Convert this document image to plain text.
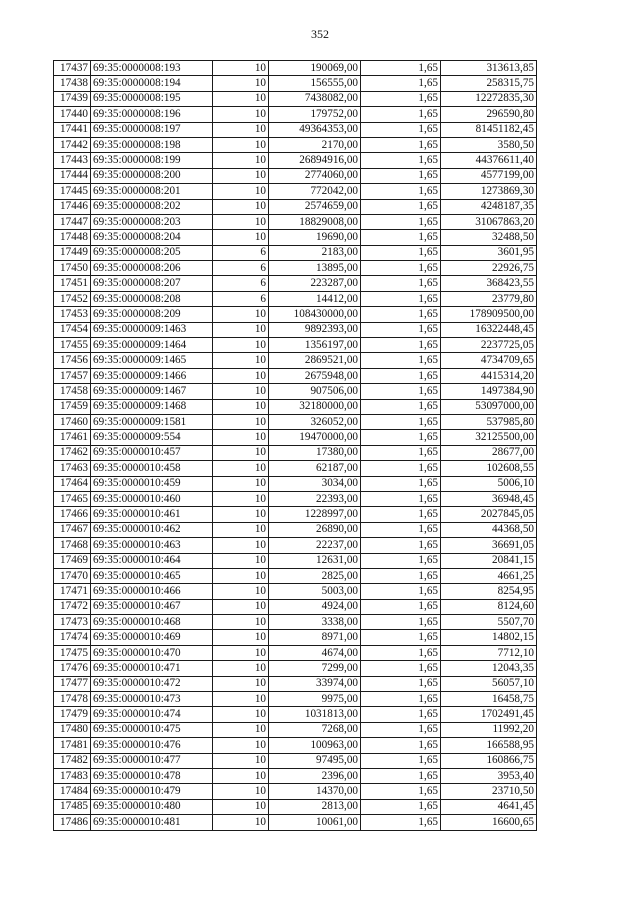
352
17437	69:35:0000008:193	10	190069,00	1,65	313613,85
17438	69:35:0000008:194	10	156555,00	1,65	258315,75
17439	69:35:0000008:195	10	7438082,00	1,65	12272835,30
17440	69:35:0000008:196	10	179752,00	1,65	296590,80
17441	69:35:0000008:197	10	49364353,00	1,65	81451182,45
17442	69:35:0000008:198	10	2170,00	1,65	3580,50
17443	69:35:0000008:199	10	26894916,00	1,65	44376611,40
17444	69:35:0000008:200	10	2774060,00	1,65	4577199,00
17445	69:35:0000008:201	10	772042,00	1,65	1273869,30
17446	69:35:0000008:202	10	2574659,00	1,65	4248187,35
17447	69:35:0000008:203	10	18829008,00	1,65	31067863,20
17448	69:35:0000008:204	10	19690,00	1,65	32488,50
17449	69:35:0000008:205	6	2183,00	1,65	3601,95
17450	69:35:0000008:206	6	13895,00	1,65	22926,75
17451	69:35:0000008:207	6	223287,00	1,65	368423,55
17452	69:35:0000008:208	6	14412,00	1,65	23779,80
17453	69:35:0000008:209	10	108430000,00	1,65	178909500,00
17454	69:35:0000009:1463	10	9892393,00	1,65	16322448,45
17455	69:35:0000009:1464	10	1356197,00	1,65	2237725,05
17456	69:35:0000009:1465	10	2869521,00	1,65	4734709,65
17457	69:35:0000009:1466	10	2675948,00	1,65	4415314,20
17458	69:35:0000009:1467	10	907506,00	1,65	1497384,90
17459	69:35:0000009:1468	10	32180000,00	1,65	53097000,00
17460	69:35:0000009:1581	10	326052,00	1,65	537985,80
17461	69:35:0000009:554	10	19470000,00	1,65	32125500,00
17462	69:35:0000010:457	10	17380,00	1,65	28677,00
17463	69:35:0000010:458	10	62187,00	1,65	102608,55
17464	69:35:0000010:459	10	3034,00	1,65	5006,10
17465	69:35:0000010:460	10	22393,00	1,65	36948,45
17466	69:35:0000010:461	10	1228997,00	1,65	2027845,05
17467	69:35:0000010:462	10	26890,00	1,65	44368,50
17468	69:35:0000010:463	10	22237,00	1,65	36691,05
17469	69:35:0000010:464	10	12631,00	1,65	20841,15
17470	69:35:0000010:465	10	2825,00	1,65	4661,25
17471	69:35:0000010:466	10	5003,00	1,65	8254,95
17472	69:35:0000010:467	10	4924,00	1,65	8124,60
17473	69:35:0000010:468	10	3338,00	1,65	5507,70
17474	69:35:0000010:469	10	8971,00	1,65	14802,15
17475	69:35:0000010:470	10	4674,00	1,65	7712,10
17476	69:35:0000010:471	10	7299,00	1,65	12043,35
17477	69:35:0000010:472	10	33974,00	1,65	56057,10
17478	69:35:0000010:473	10	9975,00	1,65	16458,75
17479	69:35:0000010:474	10	1031813,00	1,65	1702491,45
17480	69:35:0000010:475	10	7268,00	1,65	11992,20
17481	69:35:0000010:476	10	100963,00	1,65	166588,95
17482	69:35:0000010:477	10	97495,00	1,65	160866,75
17483	69:35:0000010:478	10	2396,00	1,65	3953,40
17484	69:35:0000010:479	10	14370,00	1,65	23710,50
17485	69:35:0000010:480	10	2813,00	1,65	4641,45
17486	69:35:0000010:481	10	10061,00	1,65	16600,65
